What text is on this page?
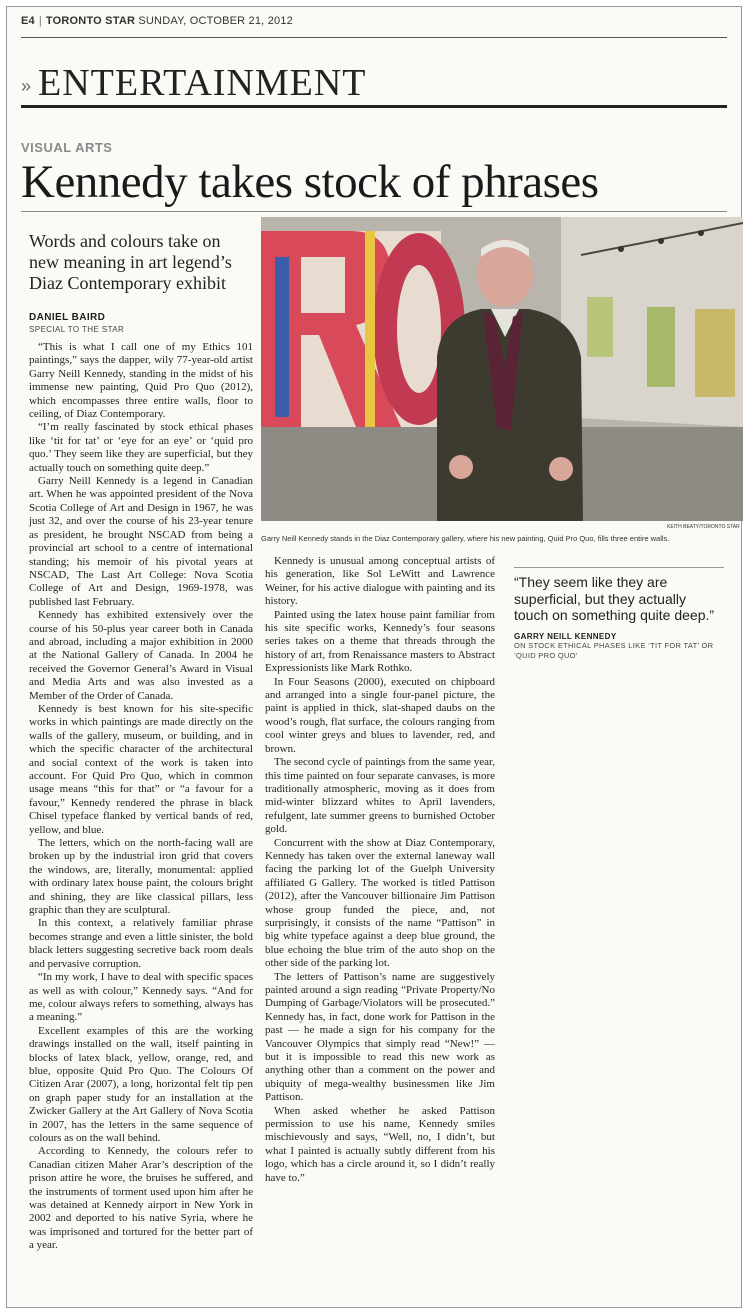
E4 | TORONTO STAR SUNDAY, OCTOBER 21, 2012
» ENTERTAINMENT
VISUAL ARTS
Kennedy takes stock of phrases
KEITH BEATY/TORONTO STAR
Garry Neill Kennedy stands in the Diaz Contemporary gallery, where his new painting, Quid Pro Quo, fills three entire walls.
Words and colours take on new meaning in art legend’s Diaz Contemporary exhibit
DANIEL BAIRD
SPECIAL TO THE STAR

“This is what I call one of my Ethics 101 paintings,” says the dapper, wily 77-year-old artist Garry Neill Kennedy, standing in the midst of his immense new painting, Quid Pro Quo (2012), which encompasses three entire walls, floor to ceiling, of Diaz Contemporary.

“I’m really fascinated by stock ethical phases like ‘tit for tat’ or ‘eye for an eye’ or ‘quid pro quo.’ They seem like they are superficial, but they actually touch on something quite deep.”

Garry Neill Kennedy is a legend in Canadian art. When he was appointed president of the Nova Scotia College of Art and Design in 1967, he was just 32, and over the course of his 23-year tenure as president, he brought NSCAD from being a provincial art school to a centre of international standing; his memoir of his pivotal years at NSCAD, The Last Art College: Nova Scotia College of Art and Design, 1969-1978, was published last February.

Kennedy has exhibited extensively over the course of his 50-plus year career both in Canada and abroad, including a major exhibition in 2000 at the National Gallery of Canada. In 2004 he received the Governor General’s Award in Visual and Media Arts and was also invested as a Member of the Order of Canada.

Kennedy is best known for his site-specific works in which paintings are made directly on the walls of the gallery, museum, or building, and in which the specific character of the architectural and social context of the work is taken into account. For Quid Pro Quo, which in common usage means “this for that” or “a favour for a favour,” Kennedy rendered the phrase in black Chisel typeface flanked by vertical bands of red, yellow, and blue.

The letters, which on the north-facing wall are broken up by the industrial iron grid that covers the windows, are, literally, monumental: applied with ordinary latex house paint, the colours bright and shining, they are like classical pillars, less graphic than they are sculptural.

In this context, a relatively familiar phrase becomes strange and even a little sinister, the bold black letters suggesting secretive back room deals and pervasive corruption.

“In my work, I have to deal with specific spaces as well as with colour,” Kennedy says. “And for me, colour always refers to something, always has a meaning.”

Excellent examples of this are the working drawings installed on the wall, itself painting in blocks of latex black, yellow, orange, red, and blue, opposite Quid Pro Quo. The Colours Of Citizen Arar (2007), a long, horizontal felt tip pen on graph paper study for an installation at the Zwicker Gallery at the Art Gallery of Nova Scotia in 2007, has the letters in the same sequence of colours as on the wall behind.

According to Kennedy, the colours refer to Canadian citizen Maher Arar’s description of the prison attire he wore, the bruises he suffered, and the instruments of torment used upon him after he was detained at Kennedy airport in New York in 2002 and deported to his native Syria, where he was imprisoned and tortured for the better part of a year.

Kennedy is unusual among conceptual artists of his generation, like Sol LeWitt and Lawrence Weiner, for his active dialogue with painting and its history.

Painted using the latex house paint familiar from his site specific works, Kennedy’s four seasons series takes on a theme that threads through the history of art, from Renaissance masters to Abstract Expressionists like Mark Rothko.

In Four Seasons (2000), executed on chipboard and arranged into a single four-panel picture, the paint is applied in thick, slat-shaped daubs on the wood’s rough, flat surface, the colours ranging from cool winter greys and blues to lavender, red, and brown.

The second cycle of paintings from the same year, this time painted on four separate canvases, is more traditionally atmospheric, moving as it does from mid-winter blizzard whites to April lavenders, refulgent, late summer greens to burnished October gold.

Concurrent with the show at Diaz Contemporary, Kennedy has taken over the external laneway wall facing the parking lot of the Guelph University affiliated G Gallery. The worked is titled Pattison (2012), after the Vancouver billionaire Jim Pattison whose group funded the piece, and, not surprisingly, it consists of the name “Pattison” in big white typeface against a deep blue ground, the blue echoing the blue trim of the auto shop on the other side of the parking lot.

The letters of Pattison’s name are suggestively painted around a sign reading “Private Property/No Dumping of Garbage/Violators will be prosecuted.” Kennedy has, in fact, done work for Pattison in the past — he made a sign for his company for the Vancouver Olympics that simply read “New!” — but it is impossible to read this new work as anything other than a comment on the power and ubiquity of mega-wealthy businessmen like Jim Pattison.

When asked whether he asked Pattison permission to use his name, Kennedy smiles mischievously and says, “Well, no, I didn’t, but what I painted is actually subtly different from his logo, which has a circle around it, so I didn’t really have to.”

“They seem like they are superficial, but they actually touch on something quite deep.”
GARRY NEILL KENNEDY
ON STOCK ETHICAL PHASES LIKE ‘TIT FOR TAT’ OR ‘QUID PRO QUO’
